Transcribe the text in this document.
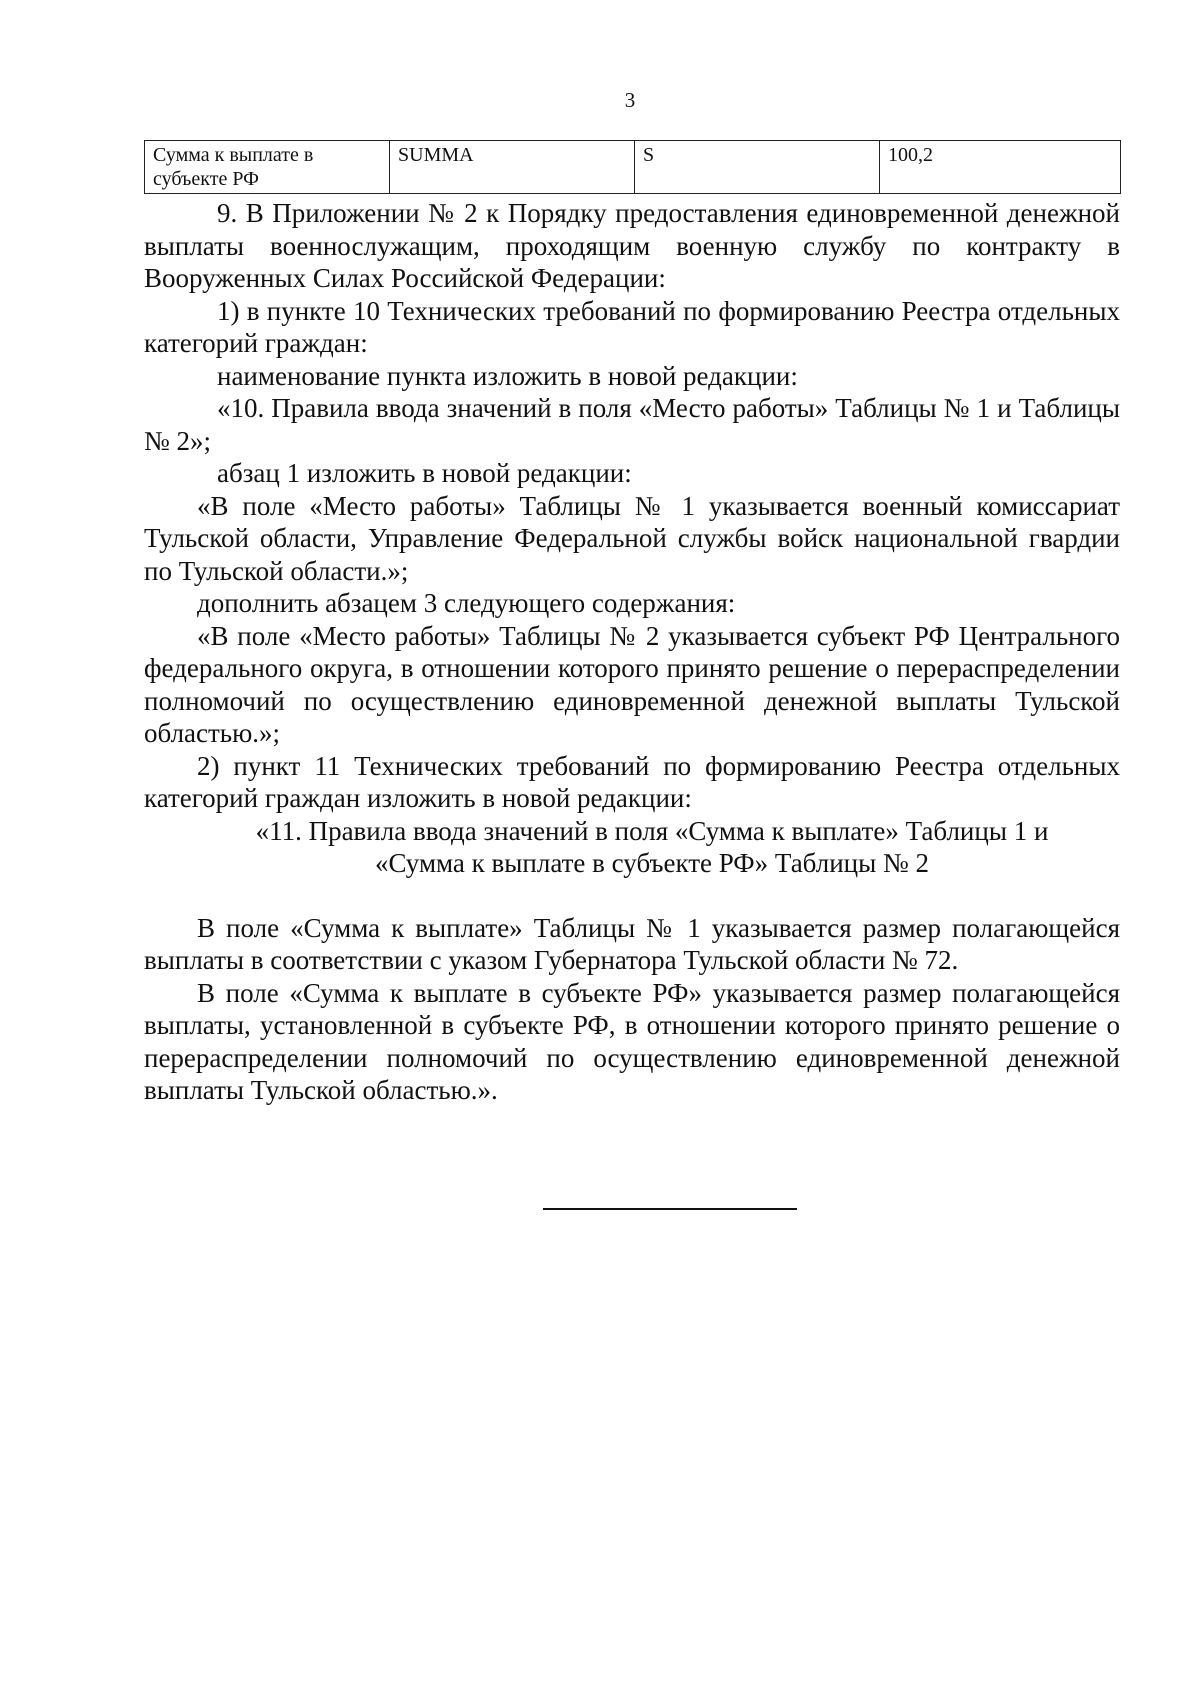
3
Сумма к выплате в субъекте РФ	SUMMA	S	100,2

9. В Приложении № 2 к Порядку предоставления единовременной денежной выплаты военнослужащим, проходящим военную службу по контракту в Вооруженных Силах Российской Федерации:

1) в пункте 10 Технических требований по формированию Реестра отдельных категорий граждан:

наименование пункта изложить в новой редакции:

«10. Правила ввода значений в поля «Место работы» Таблицы № 1 и Таблицы № 2»;

абзац 1 изложить в новой редакции:

«В поле «Место работы» Таблицы № 1 указывается военный комиссариат Тульской области, Управление Федеральной службы войск национальной гвардии по Тульской области.»;

дополнить абзацем 3 следующего содержания:

«В поле «Место работы» Таблицы № 2 указывается субъект РФ Центрального федерального округа, в отношении которого принято решение о перераспределении полномочий по осуществлению единовременной денежной выплаты Тульской областью.»;

2) пункт 11 Технических требований по формированию Реестра отдельных категорий граждан изложить в новой редакции:

«11. Правила ввода значений в поля «Сумма к выплате» Таблицы 1 и

«Сумма к выплате в субъекте РФ» Таблицы № 2

В поле «Сумма к выплате» Таблицы № 1 указывается размер полагающейся выплаты в соответствии с указом Губернатора Тульской области № 72.

В поле «Сумма к выплате в субъекте РФ» указывается размер полагающейся выплаты, установленной в субъекте РФ, в отношении которого принято решение о перераспределении полномочий по осуществлению единовременной денежной выплаты Тульской областью.».
